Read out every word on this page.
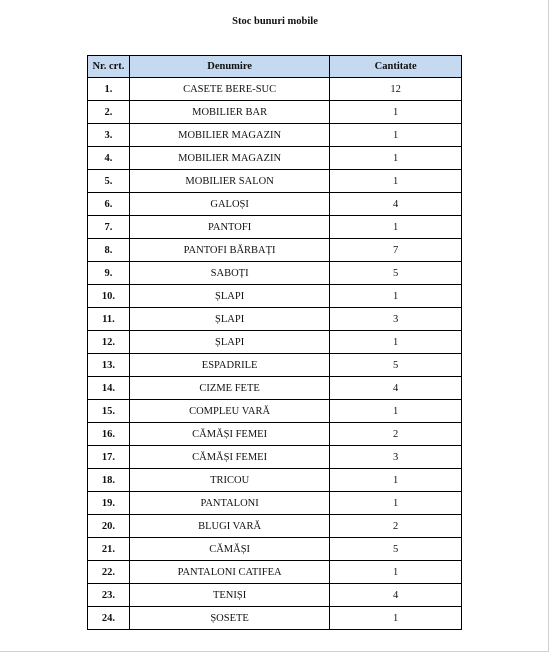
Stoc bunuri mobile
Nr. crt.	Denumire	Cantitate
1.	CASETE BERE-SUC	12
2.	MOBILIER BAR	1
3.	MOBILIER MAGAZIN	1
4.	MOBILIER MAGAZIN	1
5.	MOBILIER SALON	1
6.	GALOȘI	4
7.	PANTOFI	1
8.	PANTOFI BĂRBAȚI	7
9.	SABOȚI	5
10.	ȘLAPI	1
11.	ȘLAPI	3
12.	ȘLAPI	1
13.	ESPADRILE	5
14.	CIZME FETE	4
15.	COMPLEU VARĂ	1
16.	CĂMĂȘI FEMEI	2
17.	CĂMĂȘI FEMEI	3
18.	TRICOU	1
19.	PANTALONI	1
20.	BLUGI VARĂ	2
21.	CĂMĂȘI	5
22.	PANTALONI CATIFEA	1
23.	TENIȘI	4
24.	ȘOSETE	1
